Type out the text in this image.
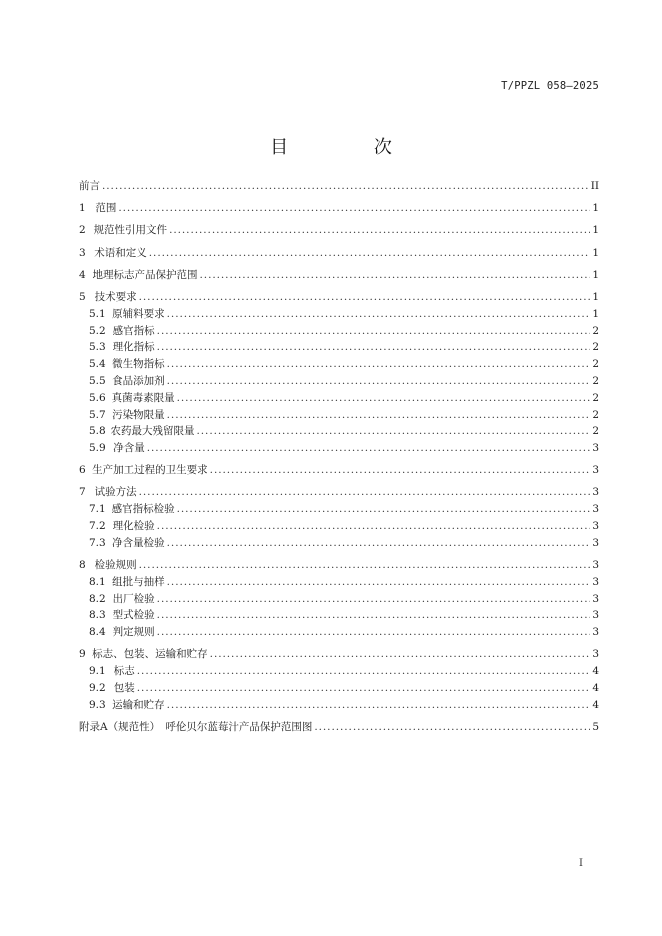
T/PPZL 058—2025
目 次
前言 . . .	II
1 范围 . . .	1
2 规范性引用文件 . . .	1
3 术语和定义 . . .	1
4 地理标志产品保护范围 . . .	1
5 技术要求 . . .	1
5.1 原辅料要求 . . .	1
5.2 感官指标 . . .	2
5.3 理化指标 . . .	2
5.4 微生物指标 . . .	2
5.5 食品添加剂 . . .	2
5.6 真菌毒素限量 . . .	2
5.7 污染物限量 . . .	2
5.8 农药最大残留限量 . . .	2
5.9 净含量 . . .	3
6 生产加工过程的卫生要求 . . .	3
7 试验方法 . . .	3
7.1 感官指标检验 . . .	3
7.2 理化检验 . . .	3
7.3 净含量检验 . . .	3
8 检验规则 . . .	3
8.1 组批与抽样 . . .	3
8.2 出厂检验 . . .	3
8.3 型式检验 . . .	3
8.4 判定规则 . . .	3
9 标志、包装、运输和贮存 . . .	3
9.1 标志 . . .	4
9.2 包装 . . .	4
9.3 运输和贮存 . . .	4
附录A（规范性）　呼伦贝尔蓝莓汁产品保护范围图 . . .	5
I
